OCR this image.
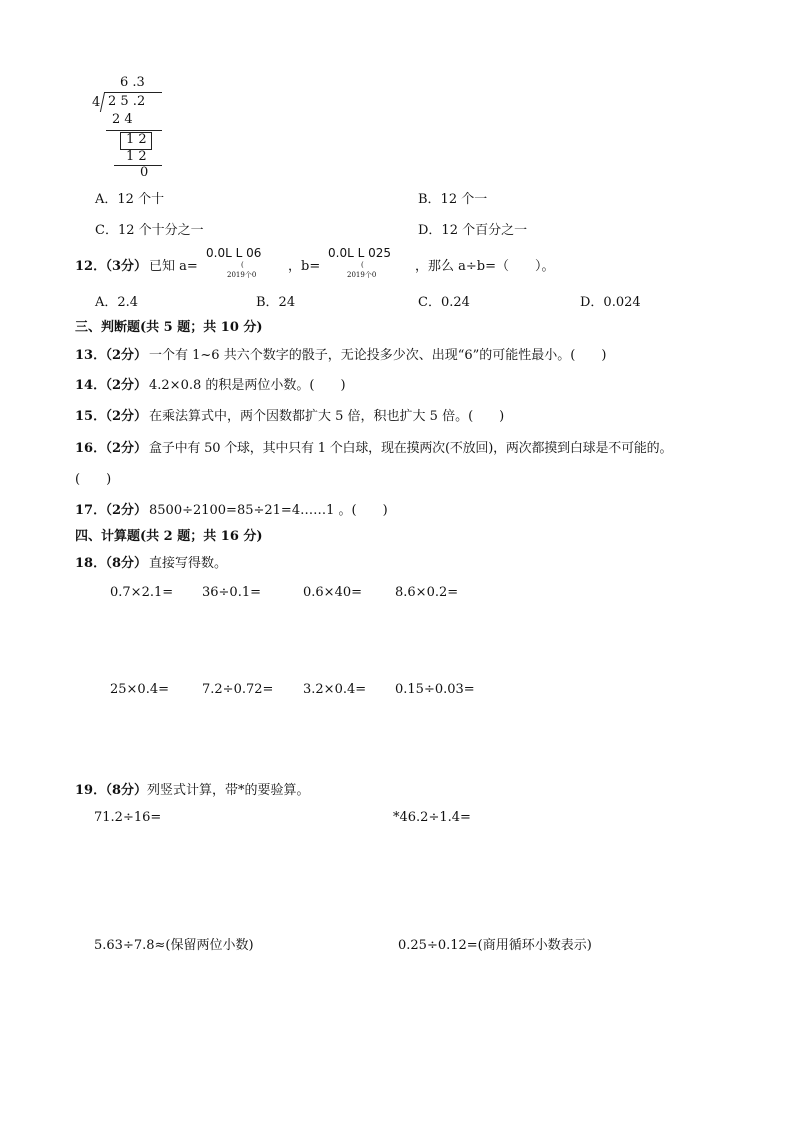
6 .3
4 2 5 .2
2 4
1 2
1 2
0
A．12 个十	B．12 个一
C．12 个十分之一	D．12 个百分之一
12．
（3分） 已知 a=
0.0L L 06
(
2019个0
，b=
0.0L L 025
(
2019个0
，那么 a÷b=（　　）。
A．2.4	B．24	C．0.24	D．0.024
三、判断题(共 5 题；共 10 分)
13．
（2分） 一个有 1~6 共六个数字的骰子，无论投多少次、出现“6”的可能性最小。(　　)
14．
（2分） 4.2×0.8 的积是两位小数。(　　)
15．
（2分） 在乘法算式中，两个因数都扩大 5 倍，积也扩大 5 倍。(　　)
16．
（2分） 盒子中有 50 个球，其中只有 1 个白球，现在摸两次(不放回)，两次都摸到白球是不可能的。
(　　)
17．
（2分） 8500÷2100=85÷21=4……1 。(　　)
四、计算题(共 2 题；共 16 分)
18．
（8分） 直接写得数。
0.7×2.1= 36÷0.1=	0.6×40=	8.6×0.2=
25×0.4=	7.2÷0.72= 3.2×0.4= 0.15÷0.03=
19．
（8分） 列竖式计算，带*的要验算。
71.2÷16=	*46.2÷1.4=
5.63÷7.8≈(保留两位小数)	0.25÷0.12=(商用循环小数表示)
